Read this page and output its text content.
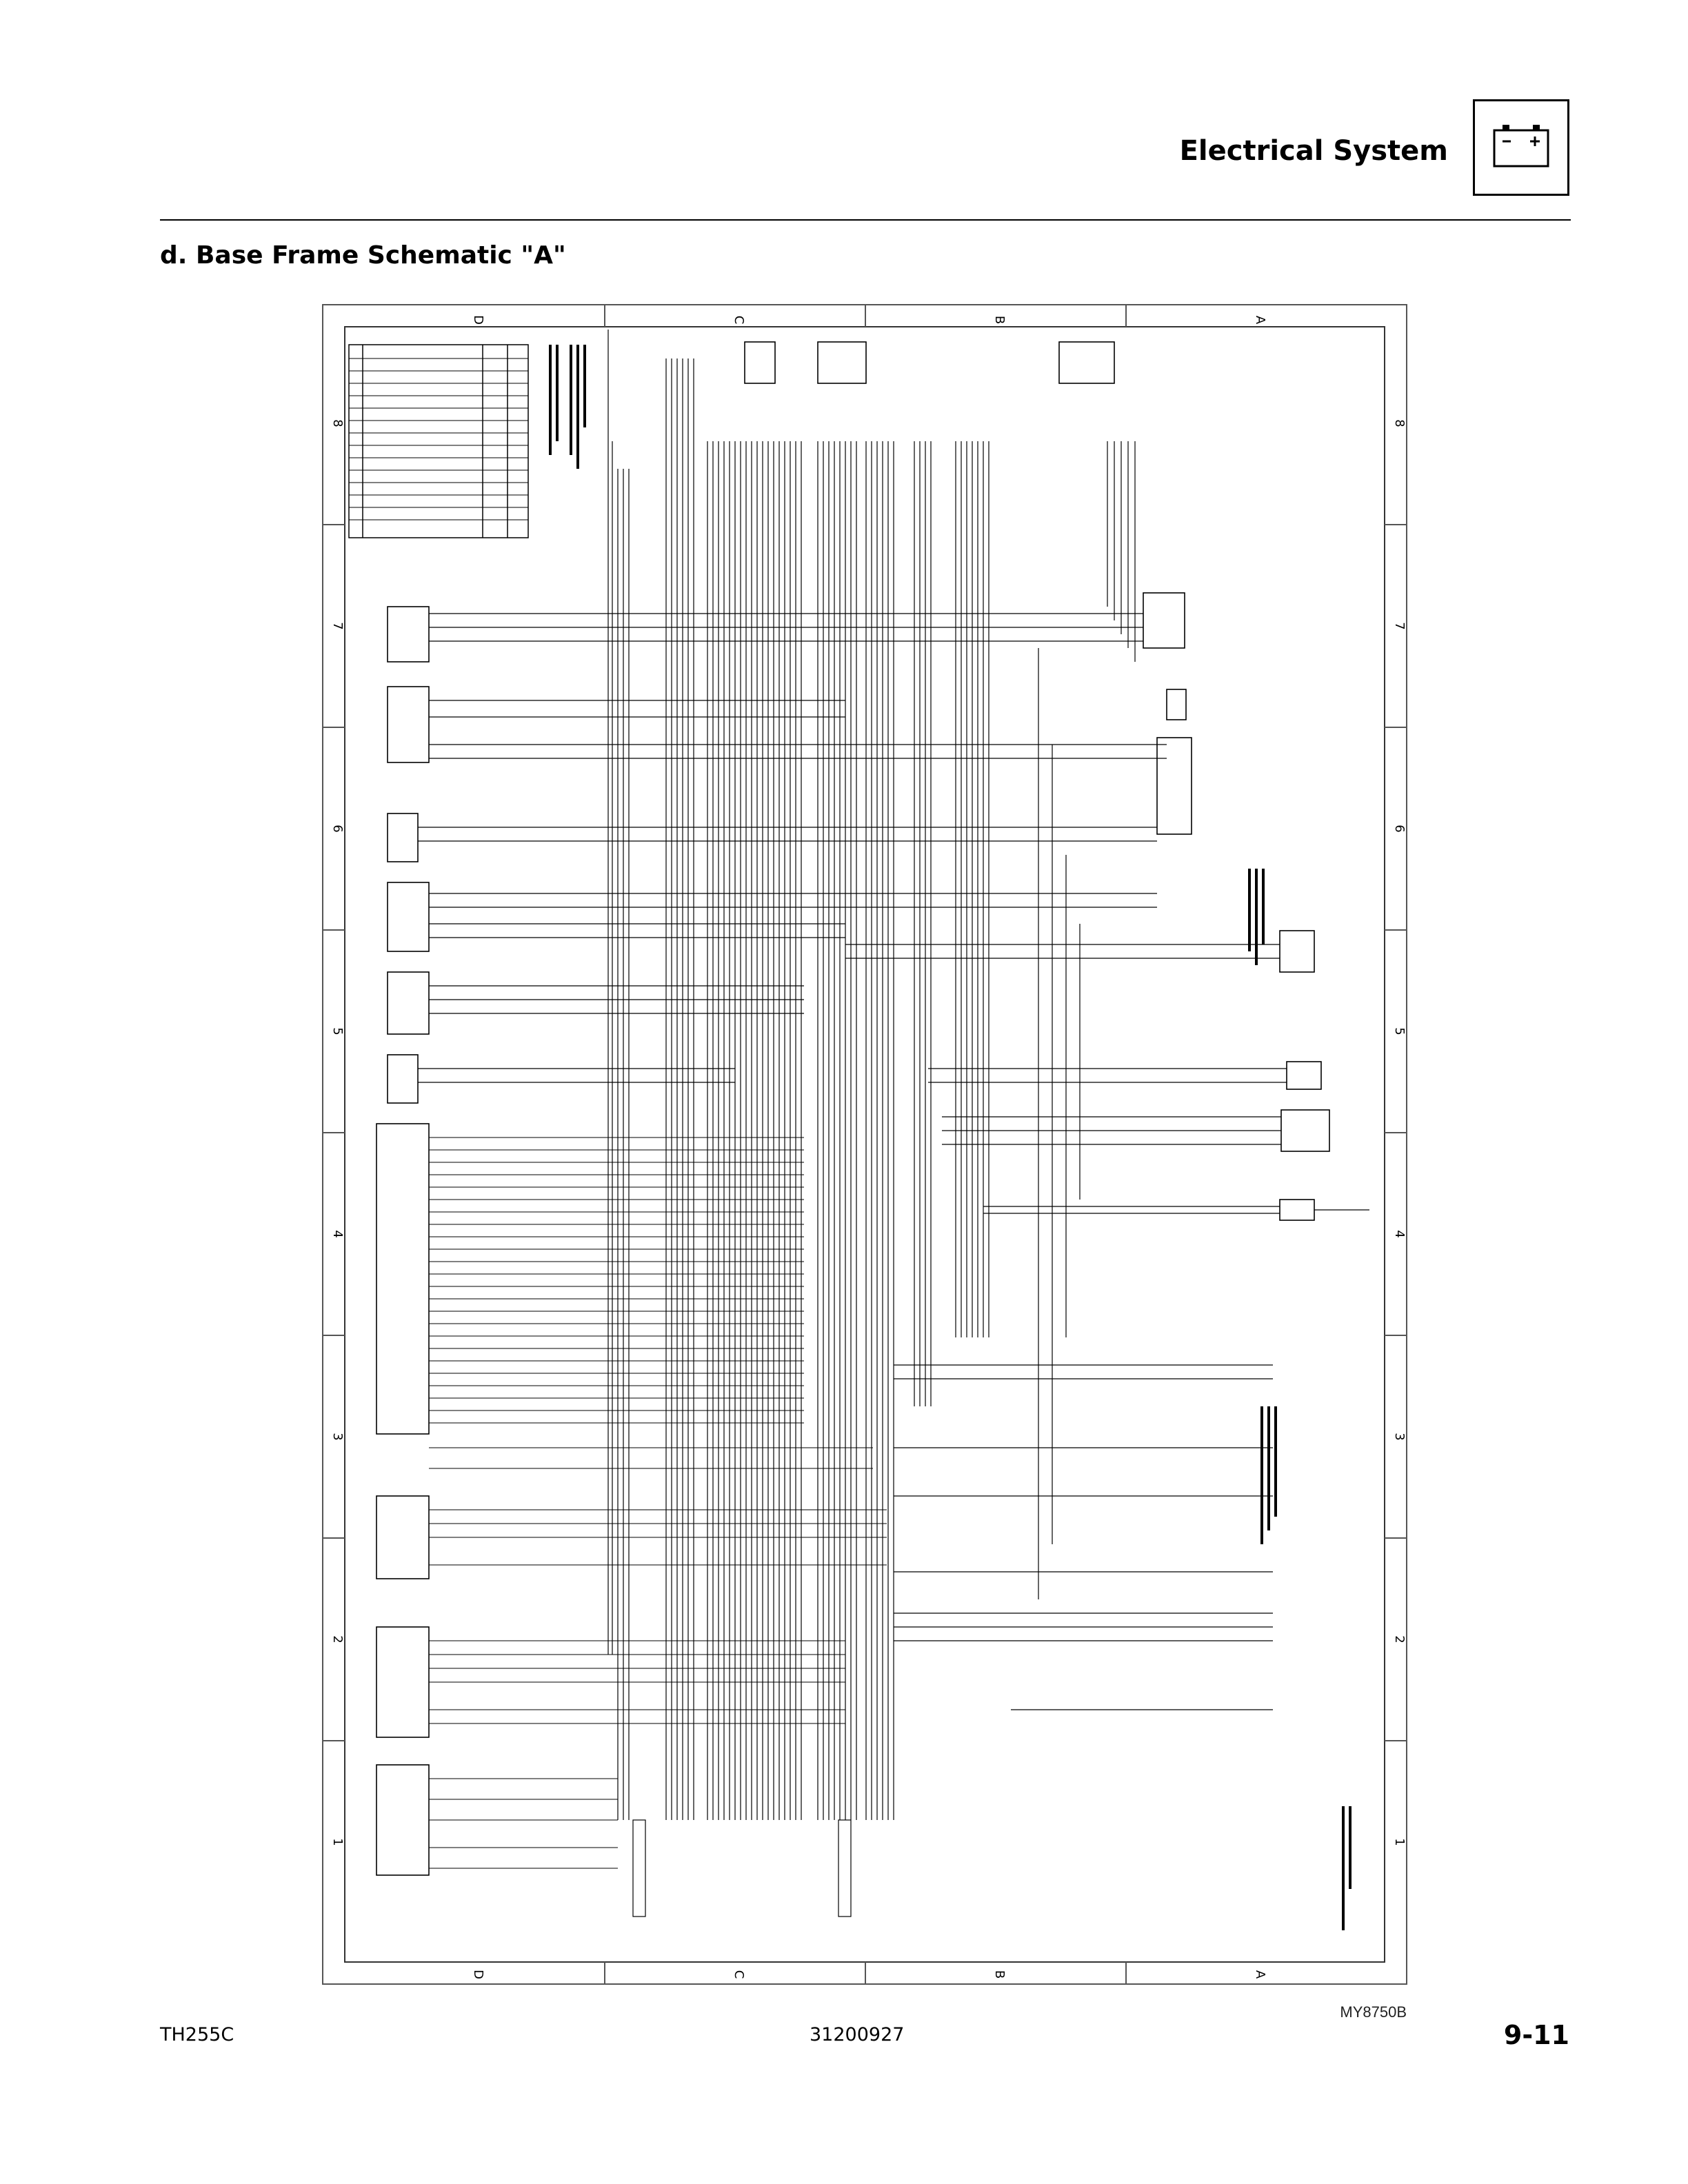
Electrical System
d. Base Frame Schematic "A"
D	C	B	A
D	C	B	A
1
2
3
4
5
6
7
8
1
2
3
4
5
6
7
8
MY8750B
TH255C	31200927	9-11
